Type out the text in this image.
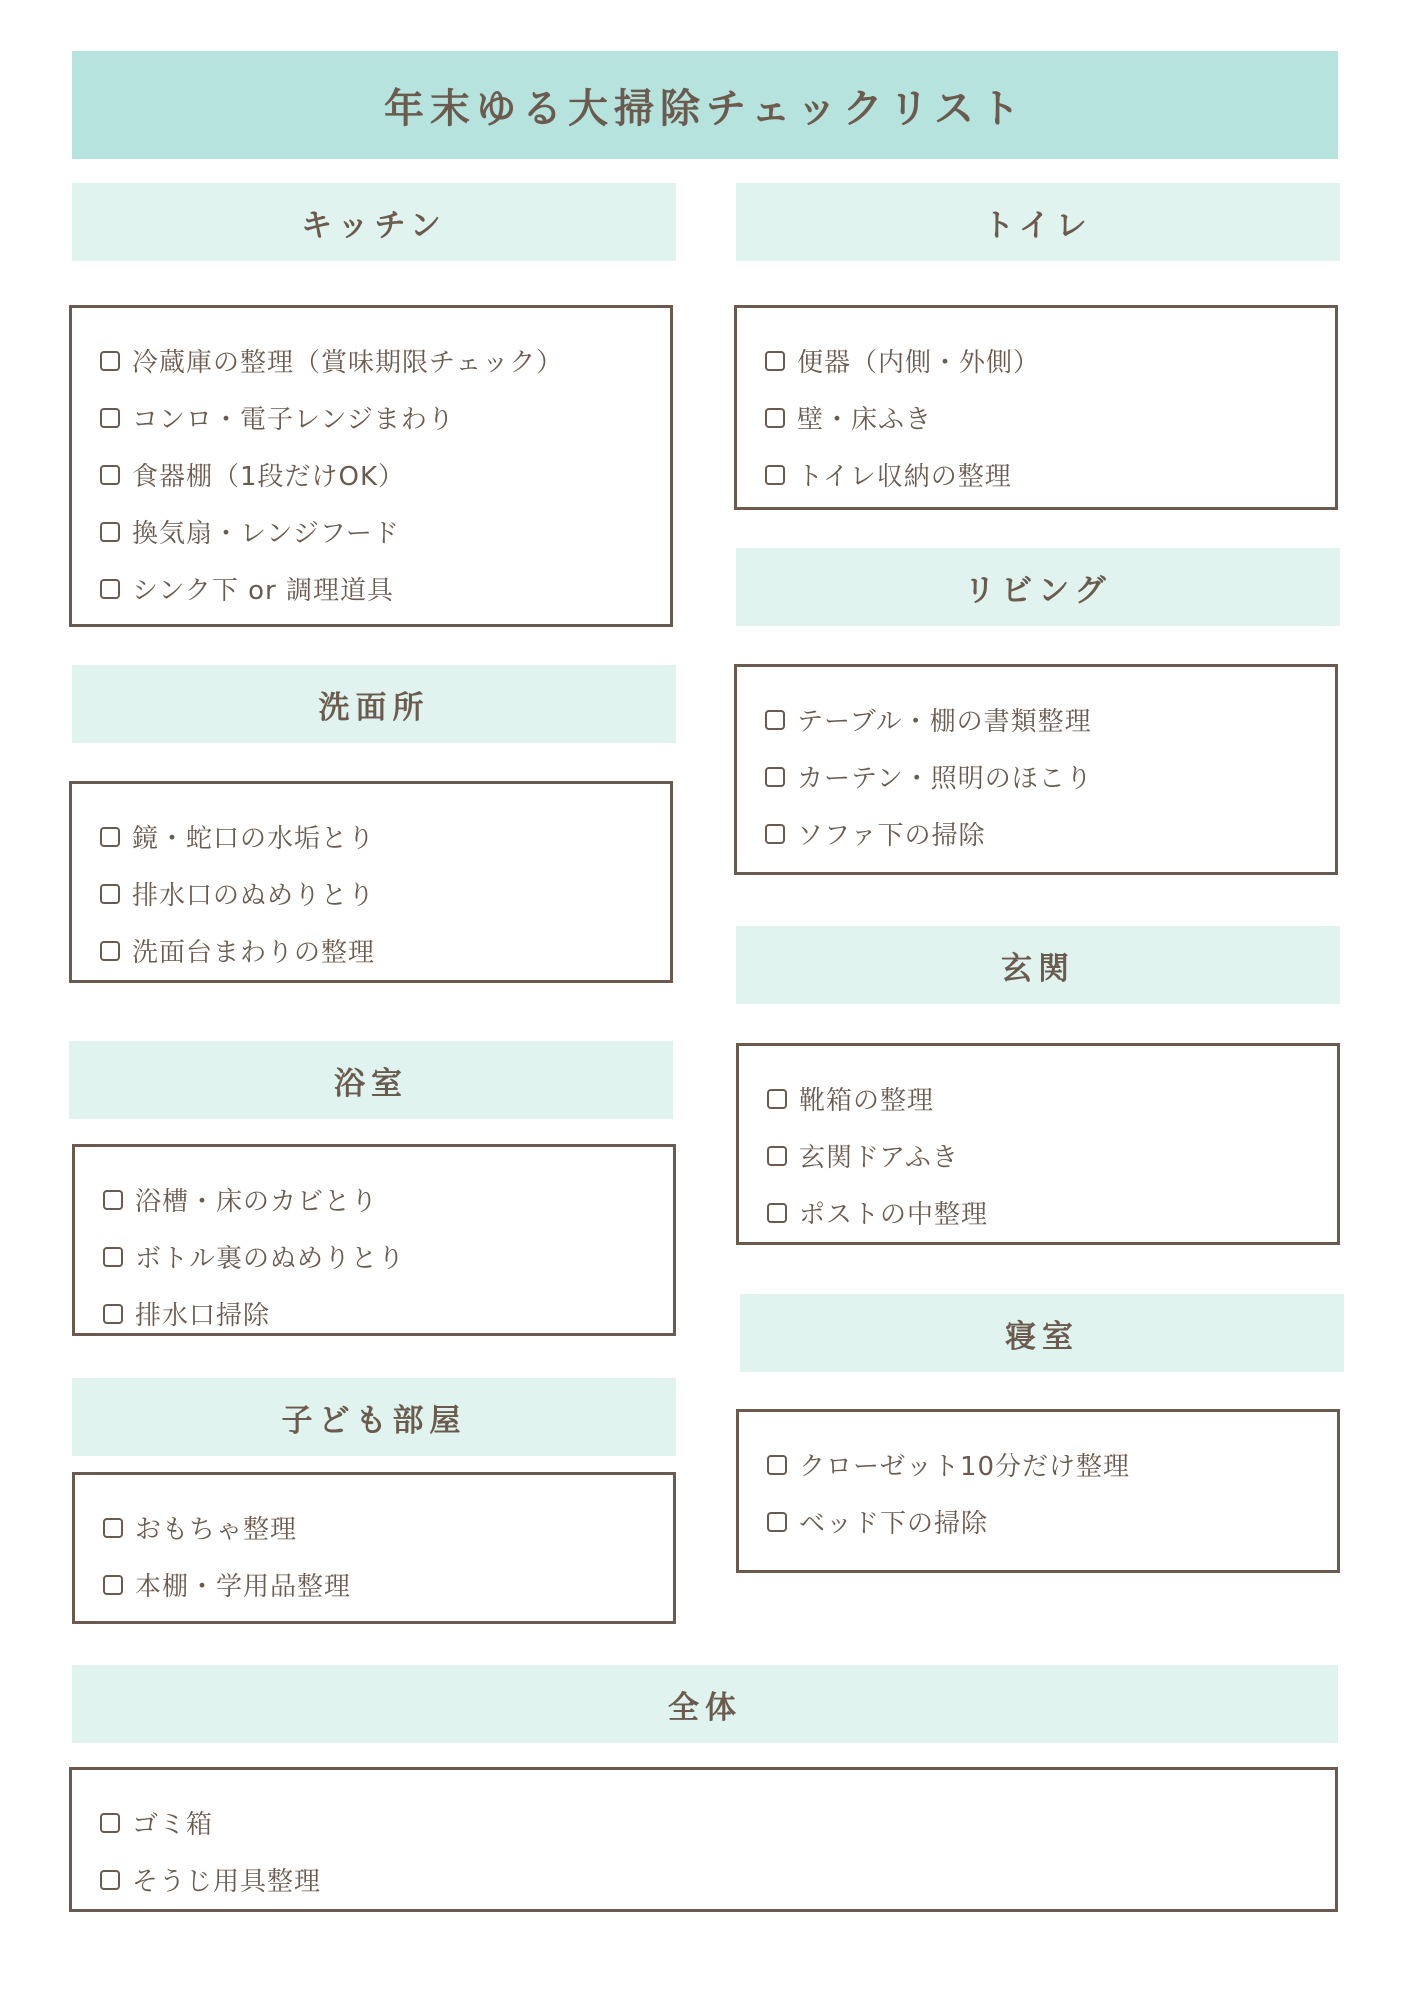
年末ゆる大掃除チェックリスト
キッチン
冷蔵庫の整理（賞味期限チェック）
コンロ・電子レンジまわり
食器棚（1段だけOK）
換気扇・レンジフード
シンク下 or 調理道具
トイレ
便器（内側・外側）
壁・床ふき
トイレ収納の整理
洗面所
鏡・蛇口の水垢とり
排水口のぬめりとり
洗面台まわりの整理
リビング
テーブル・棚の書類整理
カーテン・照明のほこり
ソファ下の掃除
玄関
靴箱の整理
玄関ドアふき
ポストの中整理
浴室
浴槽・床のカビとり
ボトル裏のぬめりとり
排水口掃除
寝室
クローゼット10分だけ整理
ベッド下の掃除
子ども部屋
おもちゃ整理
本棚・学用品整理
全体
ゴミ箱
そうじ用具整理
